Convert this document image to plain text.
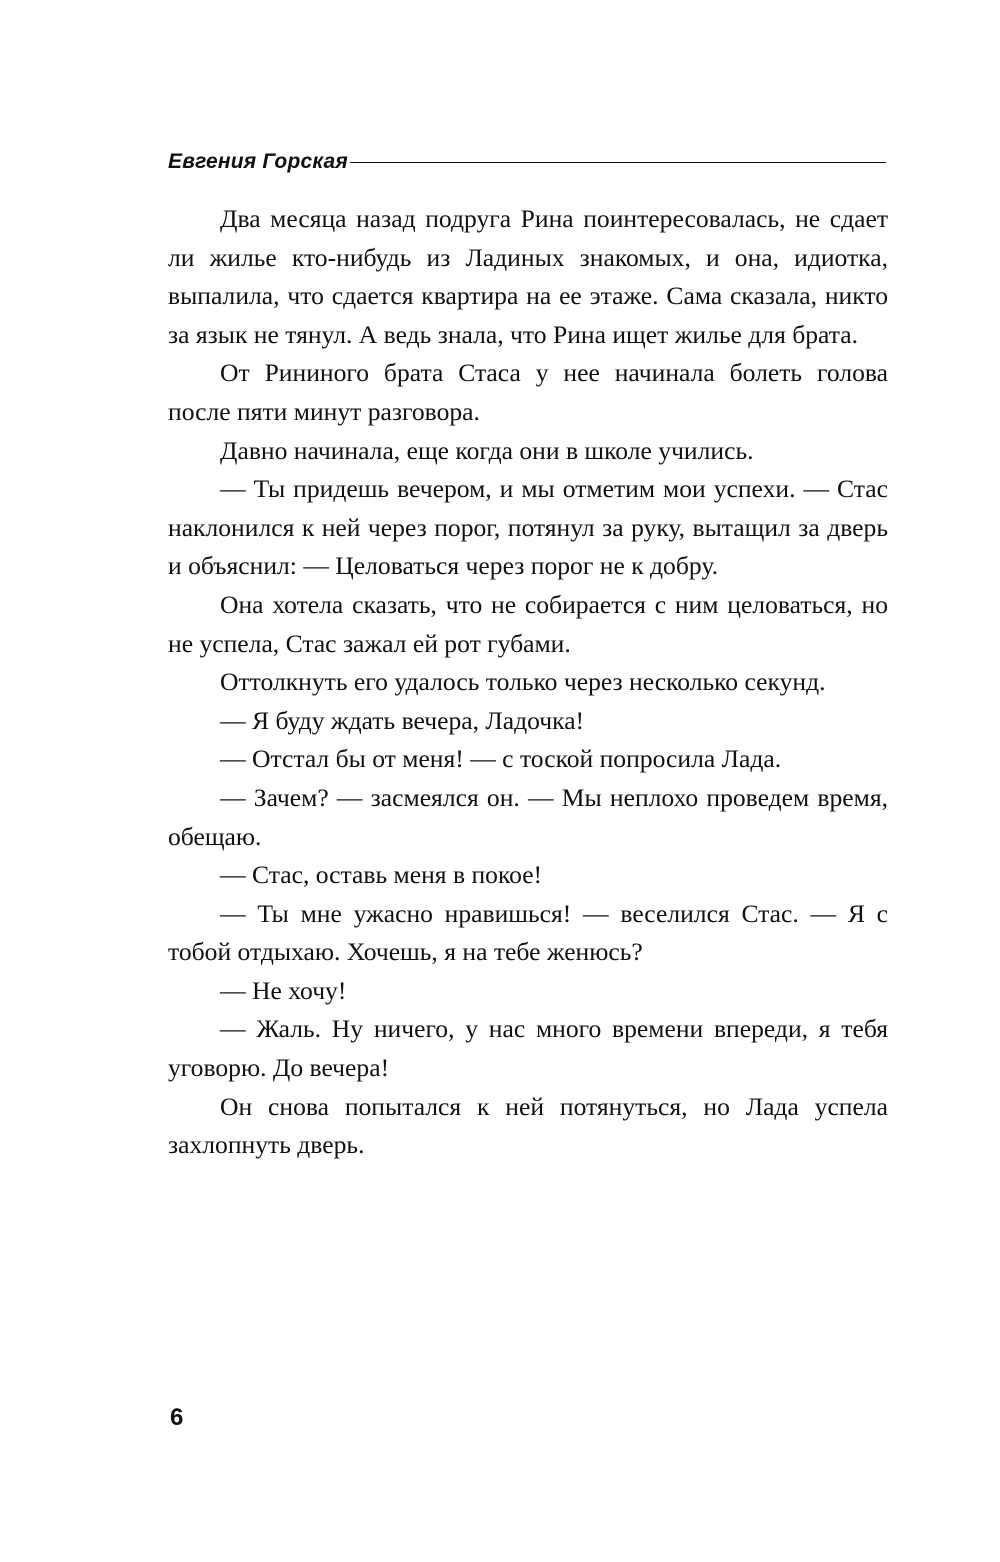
Евгения Горская

Два месяца назад подруга Рина поинтересовалась, не сдает ли жилье кто-нибудь из Ладиных знакомых, и она, идиотка, выпалила, что сдается квартира на ее этаже. Сама сказала, никто за язык не тянул. А ведь знала, что Рина ищет жилье для брата.

От Рининого брата Стаса у нее начинала болеть голова после пяти минут разговора.

Давно начинала, еще когда они в школе учились.

— Ты придешь вечером, и мы отметим мои успехи. — Стас наклонился к ней через порог, потянул за руку, вытащил за дверь и объяснил: — Целоваться через порог не к добру.

Она хотела сказать, что не собирается с ним целоваться, но не успела, Стас зажал ей рот губами.

Оттолкнуть его удалось только через несколько секунд.

— Я буду ждать вечера, Ладочка!

— Отстал бы от меня! — с тоской попросила Лада.

— Зачем? — засмеялся он. — Мы неплохо проведем время, обещаю.

— Стас, оставь меня в покое!

— Ты мне ужасно нравишься! — веселился Стас. — Я с тобой отдыхаю. Хочешь, я на тебе женюсь?

— Не хочу!

— Жаль. Ну ничего, у нас много времени впереди, я тебя уговорю. До вечера!

Он снова попытался к ней потянуться, но Лада успела захлопнуть дверь.

6
